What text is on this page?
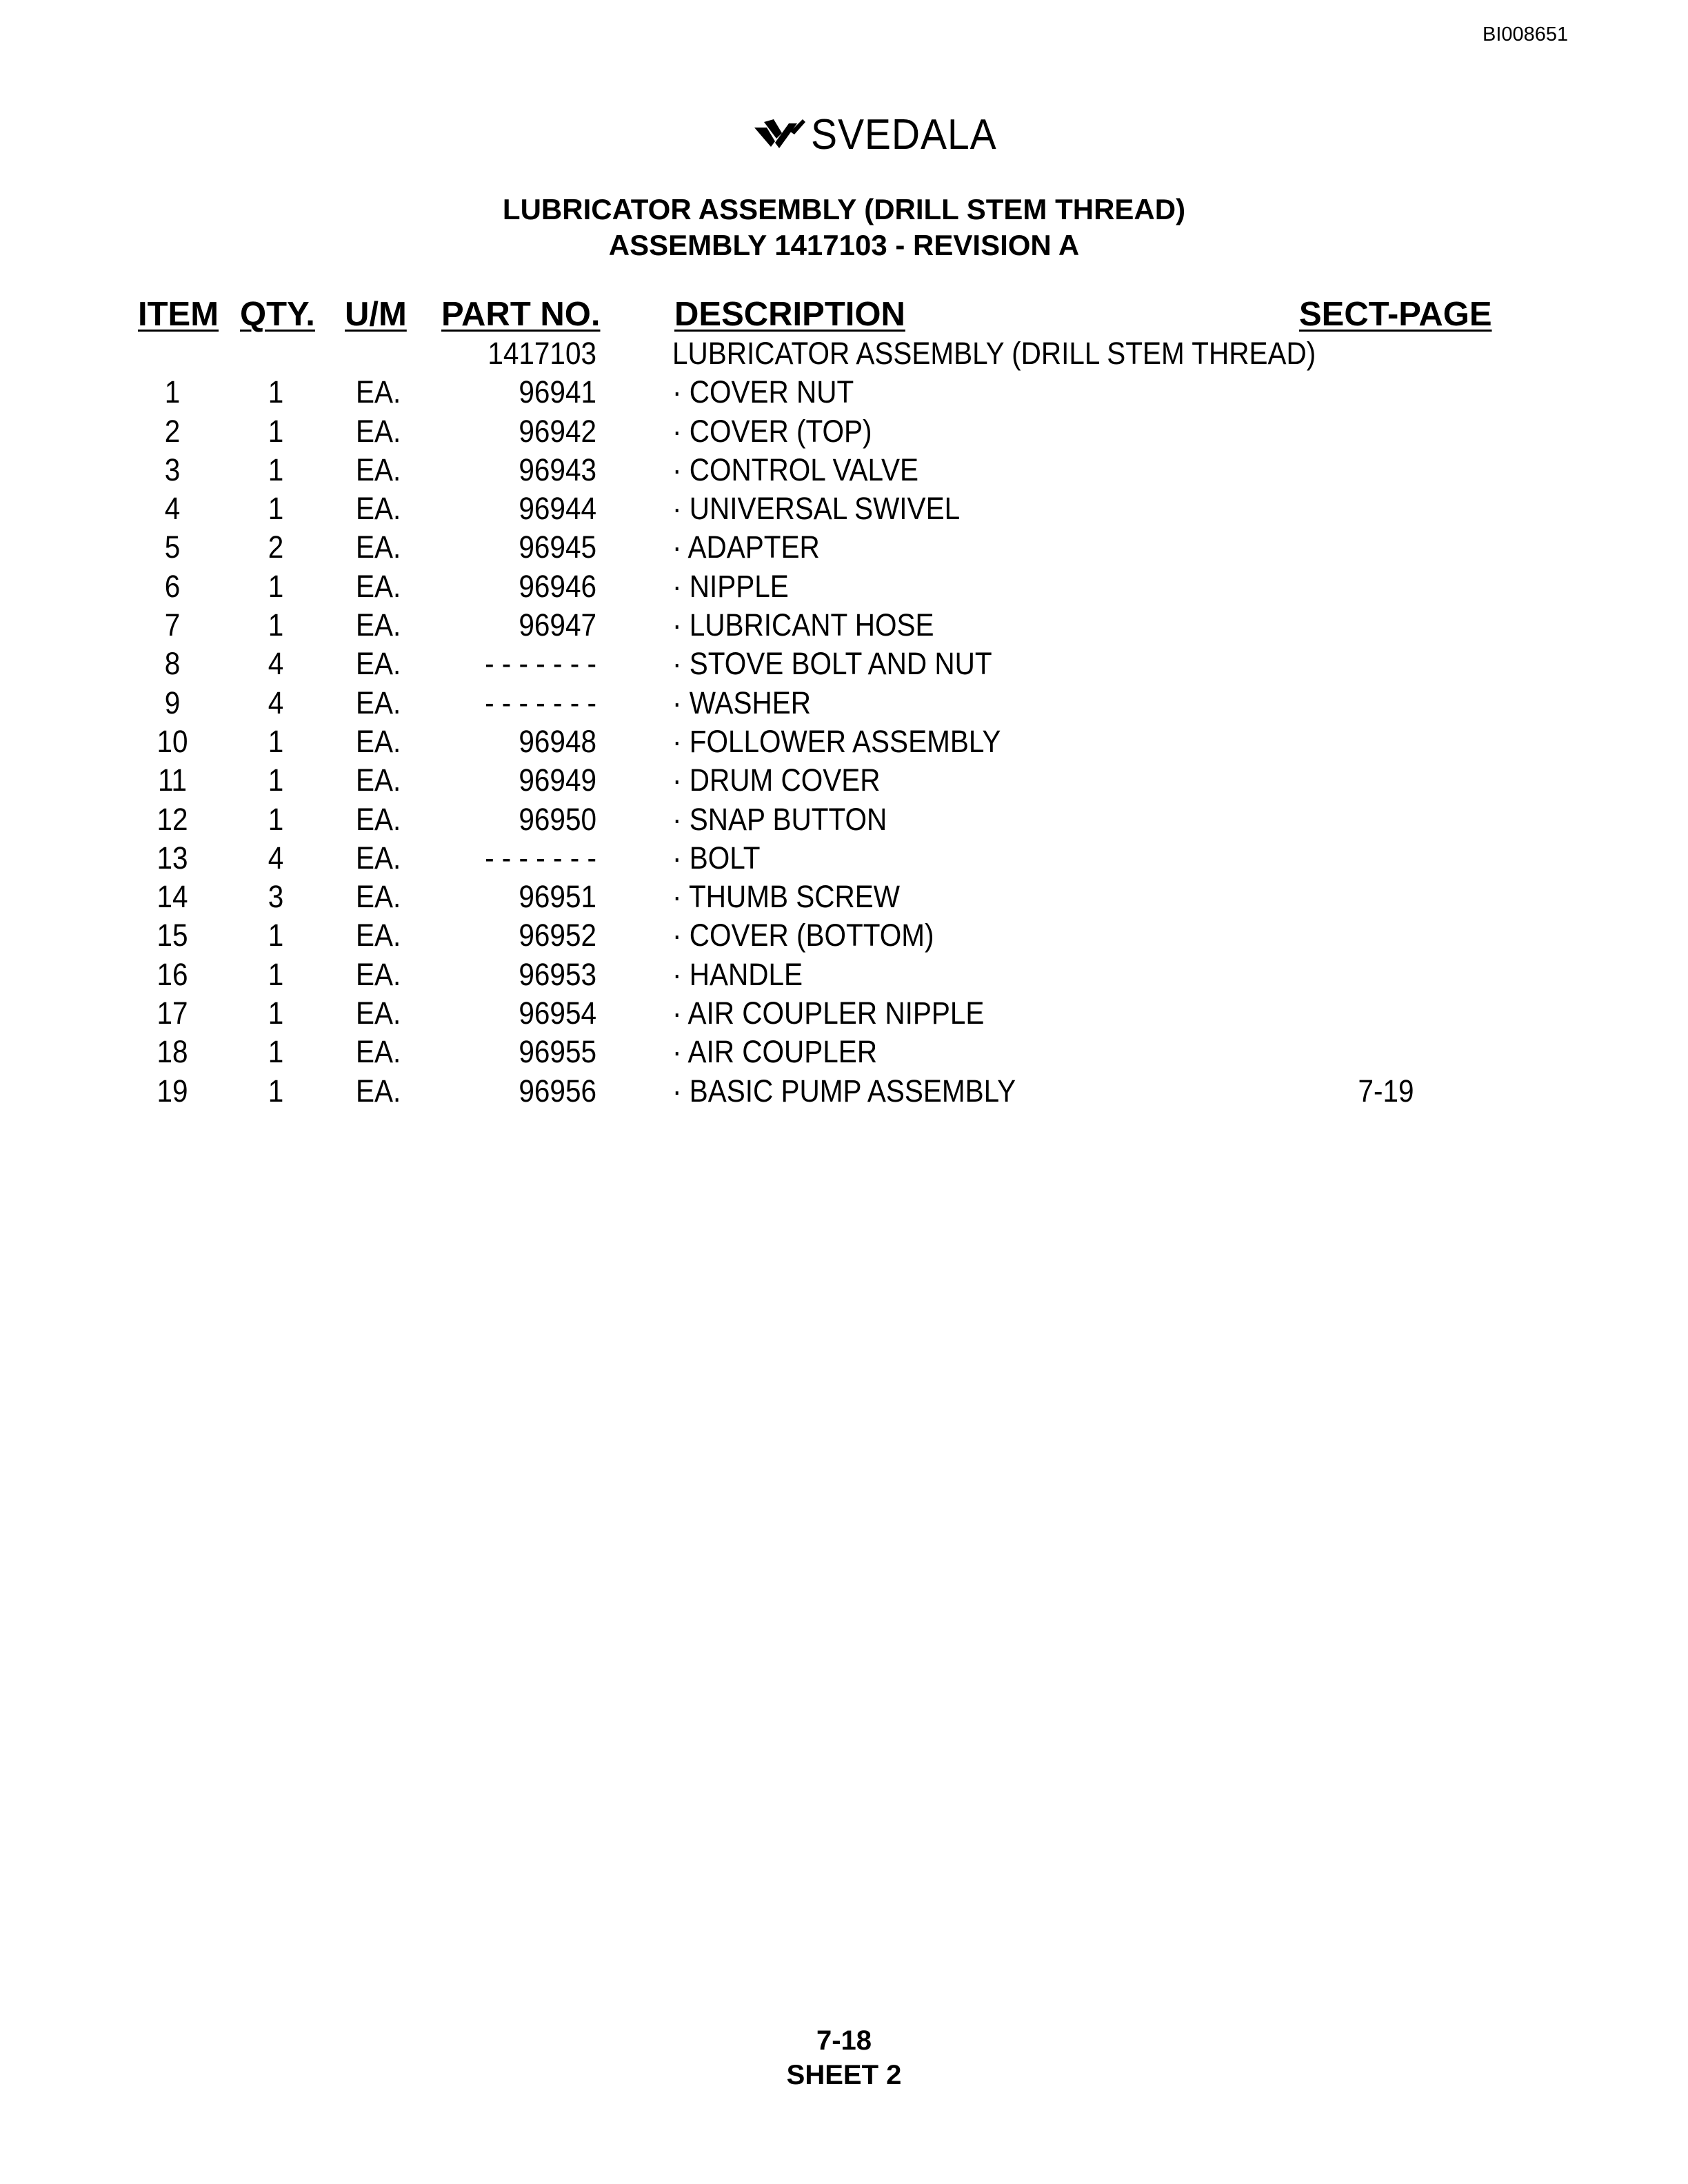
BI008651
SVEDALA
LUBRICATOR ASSEMBLY (DRILL STEM THREAD)
ASSEMBLY 1417103 - REVISION A
ITEM QTY. U/M PART NO. DESCRIPTION	SECT-PAGE
1417103 LUBRICATOR ASSEMBLY (DRILL STEM THREAD)
1	1	EA.	96941 · COVER NUT
2	1	EA.	96942 · COVER (TOP)
3	1	EA.	96943 · CONTROL VALVE
4	1	EA.	96944 · UNIVERSAL SWIVEL
5	2	EA.	96945 · ADAPTER
6	1	EA.	96946 · NIPPLE
7	1	EA.	96947 · LUBRICANT HOSE
8	4	EA.	- - - - - - - · STOVE BOLT AND NUT
9	4	EA.	- - - - - - - · WASHER
10	1	EA.	96948 · FOLLOWER ASSEMBLY
11	1	EA.	96949 · DRUM COVER
12	1	EA.	96950 · SNAP BUTTON
13	4	EA.	- - - - - - - · BOLT
14	3	EA.	96951 · THUMB SCREW
15	1	EA.	96952 · COVER (BOTTOM)
16	1	EA.	96953 · HANDLE
17	1	EA.	96954 · AIR COUPLER NIPPLE
18	1	EA.	96955 · AIR COUPLER
19	1	EA.	96956 · BASIC PUMP ASSEMBLY	7-19
7-18
SHEET 2
